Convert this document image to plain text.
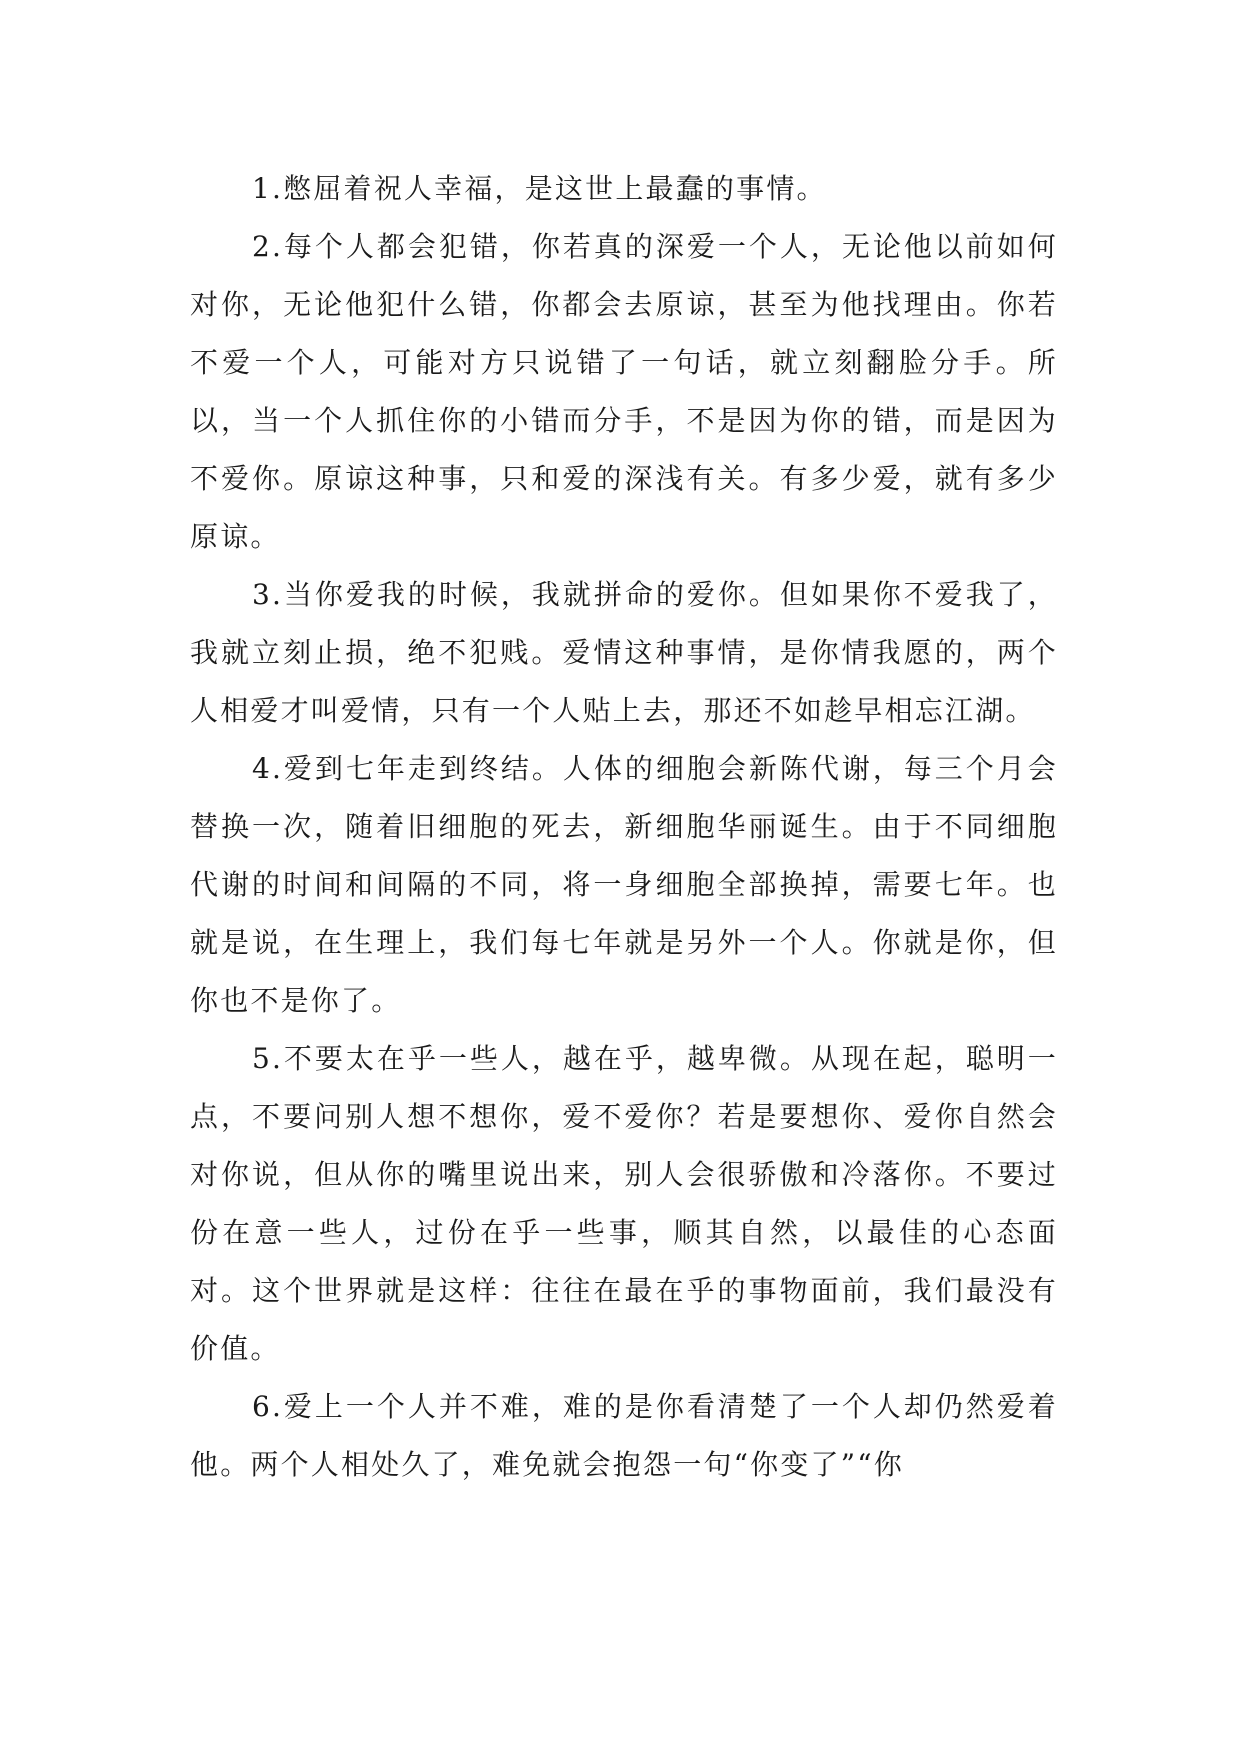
1.憋屈着祝人幸福，是这世上最蠢的事情。

2.每个人都会犯错，你若真的深爱一个人，无论他以前如何对你，无论他犯什么错，你都会去原谅，甚至为他找理由。你若不爱一个人，可能对方只说错了一句话，就立刻翻脸分手。所以，当一个人抓住你的小错而分手，不是因为你的错，而是因为不爱你。原谅这种事，只和爱的深浅有关。有多少爱，就有多少原谅。

3.当你爱我的时候，我就拼命的爱你。但如果你不爱我了，我就立刻止损，绝不犯贱。爱情这种事情，是你情我愿的，两个人相爱才叫爱情，只有一个人贴上去，那还不如趁早相忘江湖。

4.爱到七年走到终结。人体的细胞会新陈代谢，每三个月会替换一次，随着旧细胞的死去，新细胞华丽诞生。由于不同细胞代谢的时间和间隔的不同，将一身细胞全部换掉，需要七年。也就是说，在生理上，我们每七年就是另外一个人。你就是你，但你也不是你了。

5.不要太在乎一些人，越在乎，越卑微。从现在起，聪明一点，不要问别人想不想你，爱不爱你？若是要想你、爱你自然会对你说，但从你的嘴里说出来，别人会很骄傲和冷落你。不要过份在意一些人，过份在乎一些事，顺其自然，以最佳的心态面对。这个世界就是这样：往往在最在乎的事物面前，我们最没有价值。

6.爱上一个人并不难，难的是你看清楚了一个人却仍然爱着他。两个人相处久了，难免就会抱怨一句“你变了”“你
